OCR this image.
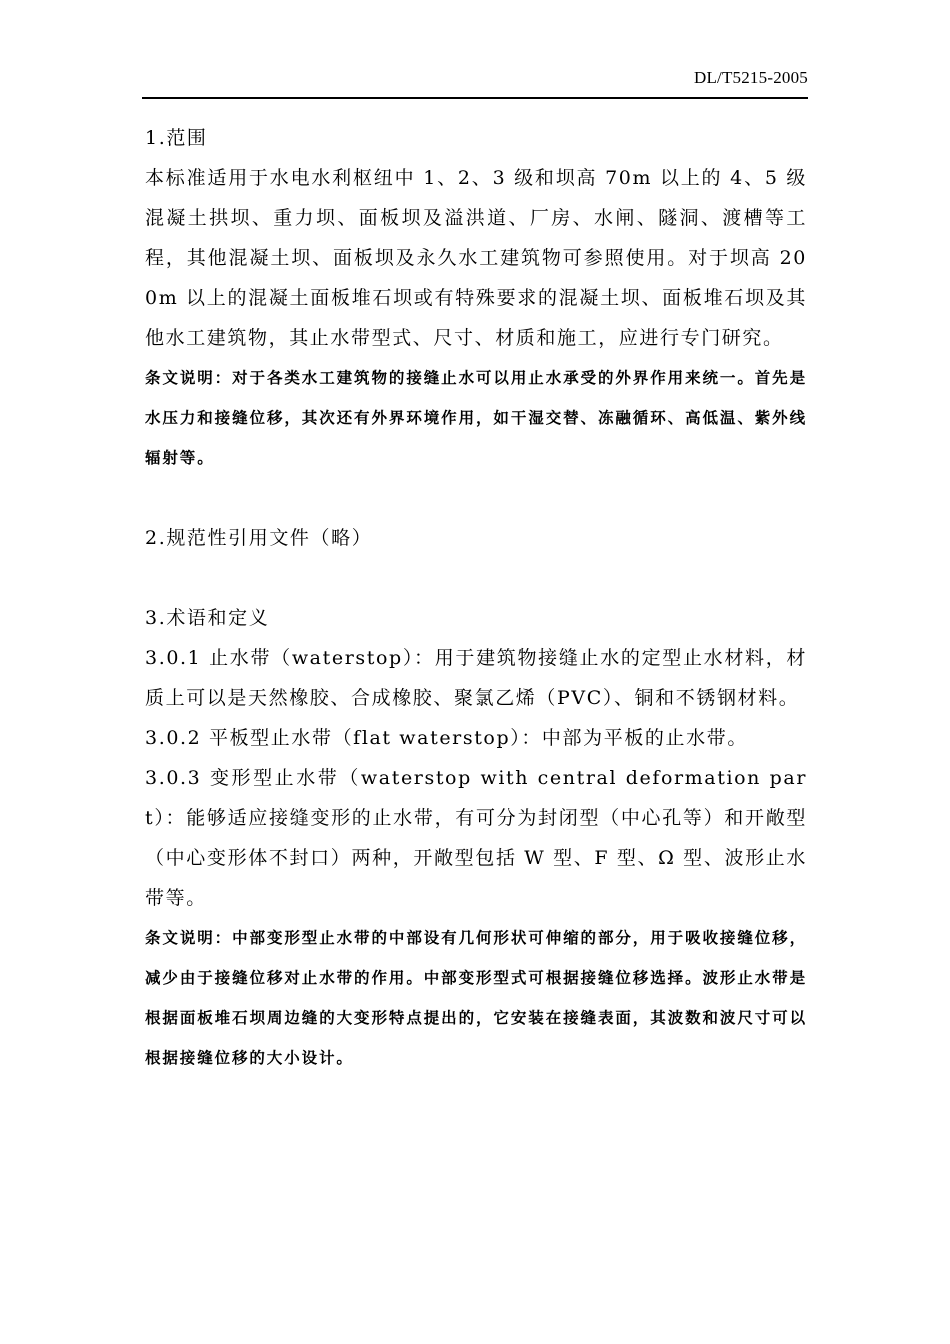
DL/T5215-2005

1.范围

本标准适用于水电水利枢纽中 1、2、3 级和坝高 70m 以上的 4、5 级混凝土拱坝、重力坝、面板坝及溢洪道、厂房、水闸、隧洞、渡槽等工程，其他混凝土坝、面板坝及永久水工建筑物可参照使用。对于坝高 200m 以上的混凝土面板堆石坝或有特殊要求的混凝土坝、面板堆石坝及其他水工建筑物，其止水带型式、尺寸、材质和施工，应进行专门研究。

条文说明：对于各类水工建筑物的接缝止水可以用止水承受的外界作用来统一。首先是水压力和接缝位移，其次还有外界环境作用，如干湿交替、冻融循环、高低温、紫外线辐射等。

2.规范性引用文件（略）

3.术语和定义

3.0.1 止水带（waterstop）：用于建筑物接缝止水的定型止水材料，材质上可以是天然橡胶、合成橡胶、聚氯乙烯（PVC）、铜和不锈钢材料。

3.0.2 平板型止水带（flat waterstop）：中部为平板的止水带。

3.0.3 变形型止水带（waterstop with central deformation part）：能够适应接缝变形的止水带，有可分为封闭型（中心孔等）和开敞型（中心变形体不封口）两种，开敞型包括 W 型、F 型、Ω 型、波形止水带等。

条文说明：中部变形型止水带的中部设有几何形状可伸缩的部分，用于吸收接缝位移，减少由于接缝位移对止水带的作用。中部变形型式可根据接缝位移选择。波形止水带是根据面板堆石坝周边缝的大变形特点提出的，它安装在接缝表面，其波数和波尺寸可以根据接缝位移的大小设计。
